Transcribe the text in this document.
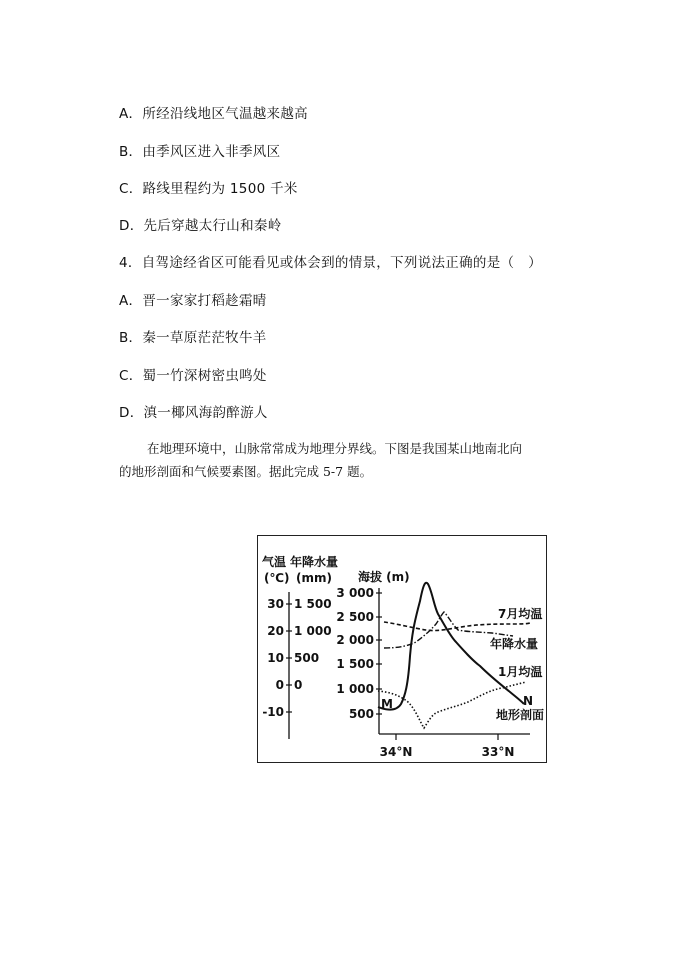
A．所经沿线地区气温越来越高
B．由季风区进入非季风区
C．路线里程约为 1500 千米
D．先后穿越太行山和秦岭
4．自驾途经省区可能看见或体会到的情景，下列说法正确的是（　）
A．晋一家家打稻趁霜晴
B．秦一草原茫茫牧牛羊
C．蜀一竹深树密虫鸣处
D．滇一椰风海韵醉游人
在地理环境中，山脉常常成为地理分界线。下图是我国某山地南北向
的地形剖面和气候要素图。据此完成 5-7 题。
气温 年降水量
(℃) (mm)
30 1 500
20 1 000
10 500
0 0
-10
海拔 (m)
3 000
2 500
2 000
1 500
1 000
500
34°N	33°N
M	N
7月均温
年降水量
1月均温
地形剖面
